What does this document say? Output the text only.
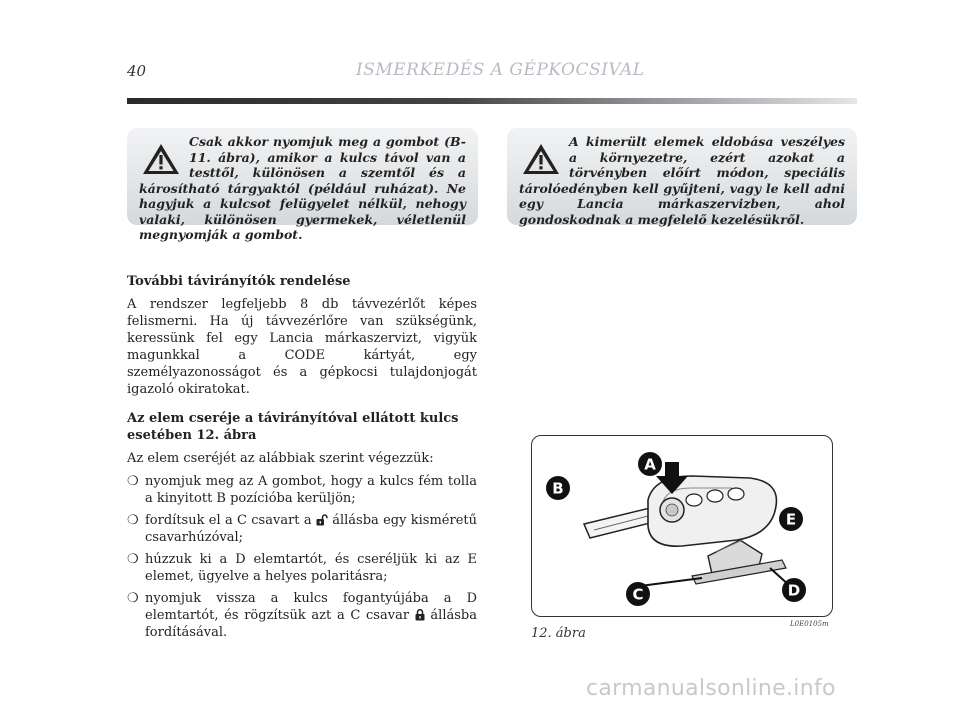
40	ISMERKEDÉS A GÉPKOCSIVAL
Csak akkor nyomjuk meg a gombot (B-11. ábra), amikor a kulcs távol van a testtől, különösen a szemtől és a károsítható tárgyaktól (például ruházat). Ne hagyjuk a kulcsot felügyelet nélkül, nehogy valaki, különösen gyermekek, véletlenül megnyomják a gombot.
A kimerült elemek eldobása veszélyes a környezetre, ezért azokat a törvényben előírt módon, speciális tárolóedényben kell gyűjteni, vagy le kell adni egy Lancia márkaszervizben, ahol gondoskodnak a megfelelő kezelésükről.
További távirányítók rendelése

A rendszer legfeljebb 8 db távvezérlőt képes felismerni. Ha új távvezérlőre van szükségünk, keressünk fel egy Lancia márkaszervizt, vigyük magunkkal a CODE kártyát, egy személyazonosságot és a gépkocsi tulajdonjogát igazoló okiratokat.

Az elem cseréje a távirányítóval ellátott kulcs esetében 12. ábra

Az elem cseréjét az alábbiak szerint végezzük:

❍ nyomjuk meg az A gombot, hogy a kulcs fém tolla a kinyitott B pozícióba kerüljön;
❍ fordítsuk el a C csavart a  állásba egy kisméretű csavarhúzóval;
❍ húzzuk ki a D elemtartót, és cseréljük ki az E elemet, ügyelve a helyes polaritásra;
❍ nyomjuk vissza a kulcs fogantyújába a D elemtartót, és rögzítsük azt a C csavar  állásba fordításával.
A
B
E
C	D
12. ábra
L0E0105m
carmanualsonline.info
